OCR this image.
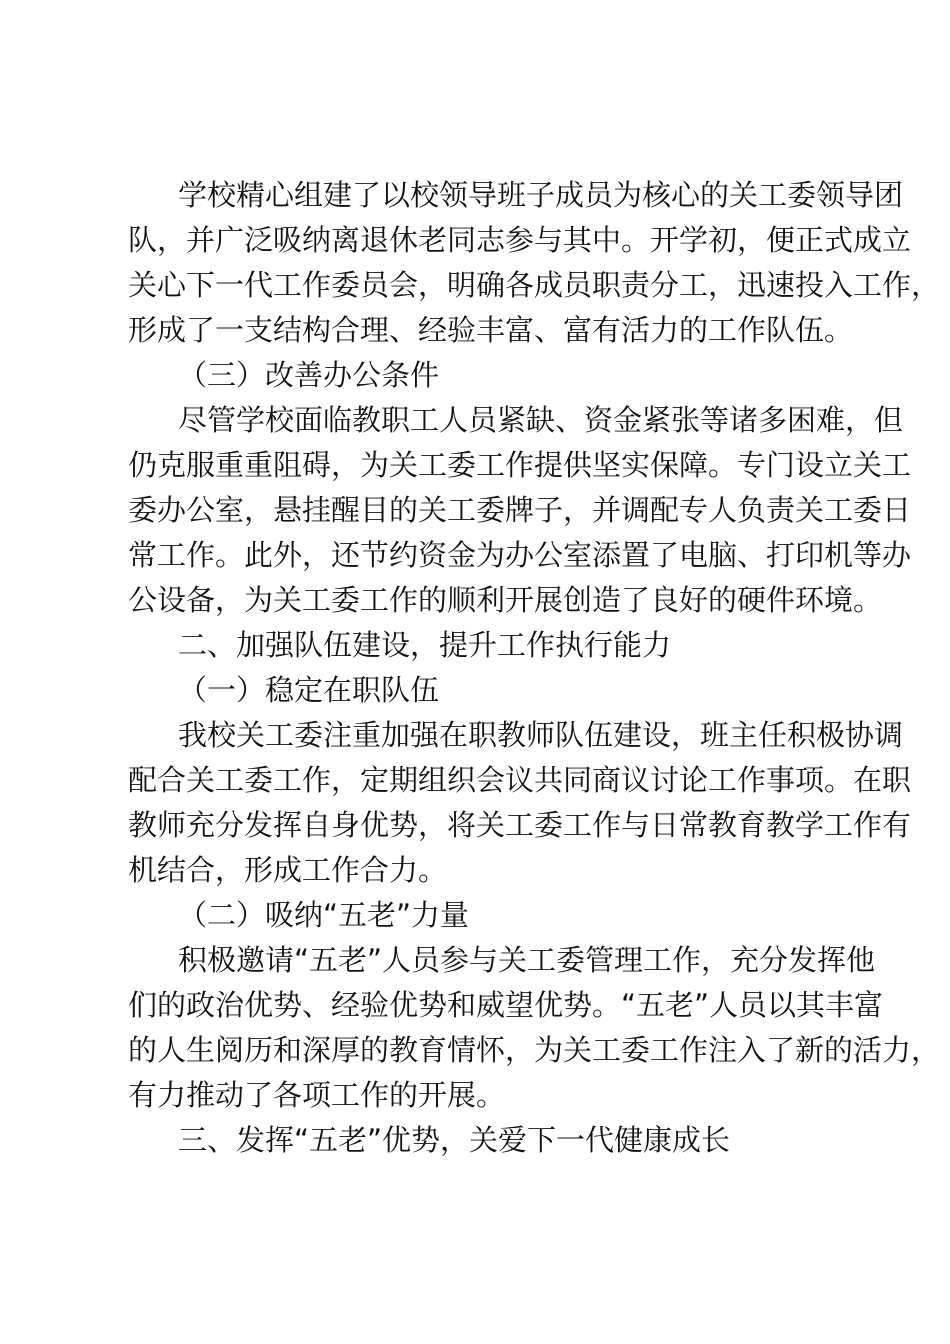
学校精心组建了以校领导班子成员为核心的关工委领导团
队，并广泛吸纳离退休老同志参与其中。开学初，便正式成立
关心下一代工作委员会，明确各成员职责分工，迅速投入工作，
形成了一支结构合理、经验丰富、富有活力的工作队伍。
（三）改善办公条件
尽管学校面临教职工人员紧缺、资金紧张等诸多困难，但
仍克服重重阻碍，为关工委工作提供坚实保障。专门设立关工
委办公室，悬挂醒目的关工委牌子，并调配专人负责关工委日
常工作。此外，还节约资金为办公室添置了电脑、打印机等办
公设备，为关工委工作的顺利开展创造了良好的硬件环境。
二、加强队伍建设，提升工作执行能力
（一）稳定在职队伍
我校关工委注重加强在职教师队伍建设，班主任积极协调
配合关工委工作，定期组织会议共同商议讨论工作事项。在职
教师充分发挥自身优势，将关工委工作与日常教育教学工作有
机结合，形成工作合力。
（二）吸纳“五老”力量
积极邀请“五老”人员参与关工委管理工作，充分发挥他
们的政治优势、经验优势和威望优势。“五老”人员以其丰富
的人生阅历和深厚的教育情怀，为关工委工作注入了新的活力，
有力推动了各项工作的开展。
三、发挥“五老”优势，关爱下一代健康成长
